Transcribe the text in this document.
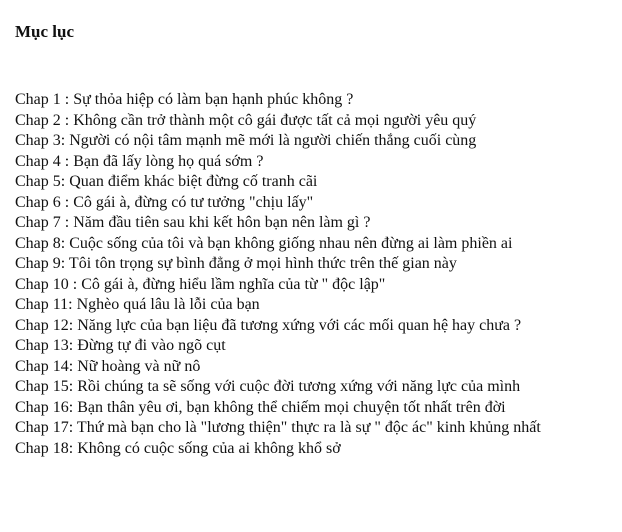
Mục lục
Chap 1 : Sự thỏa hiệp có làm bạn hạnh phúc không ?
Chap 2 : Không cần trở thành một cô gái được tất cả mọi người yêu quý
Chap 3: Người có nội tâm mạnh mẽ mới là người chiến thắng cuối cùng
Chap 4 : Bạn đã lấy lòng họ quá sớm ?
Chap 5: Quan điểm khác biệt đừng cố tranh cãi
Chap 6 : Cô gái à, đừng có tư tưởng "chịu lấy"
Chap 7 : Năm đầu tiên sau khi kết hôn bạn nên làm gì ?
Chap 8: Cuộc sống của tôi và bạn không giống nhau nên đừng ai làm phiền ai
Chap 9: Tôi tôn trọng sự bình đẳng ở mọi hình thức trên thế gian này
Chap 10 : Cô gái à, đừng hiểu lầm nghĩa của từ " độc lập"
Chap 11: Nghèo quá lâu là lỗi của bạn
Chap 12: Năng lực của bạn liệu đã tương xứng với các mối quan hệ hay chưa ?
Chap 13: Đừng tự đi vào ngõ cụt
Chap 14: Nữ hoàng và nữ nô
Chap 15: Rồi chúng ta sẽ sống với cuộc đời tương xứng với năng lực của mình
Chap 16: Bạn thân yêu ơi, bạn không thể chiếm mọi chuyện tốt nhất trên đời
Chap 17: Thứ mà bạn cho là "lương thiện" thực ra là sự " độc ác" kinh khủng nhất
Chap 18: Không có cuộc sống của ai không khổ sở
